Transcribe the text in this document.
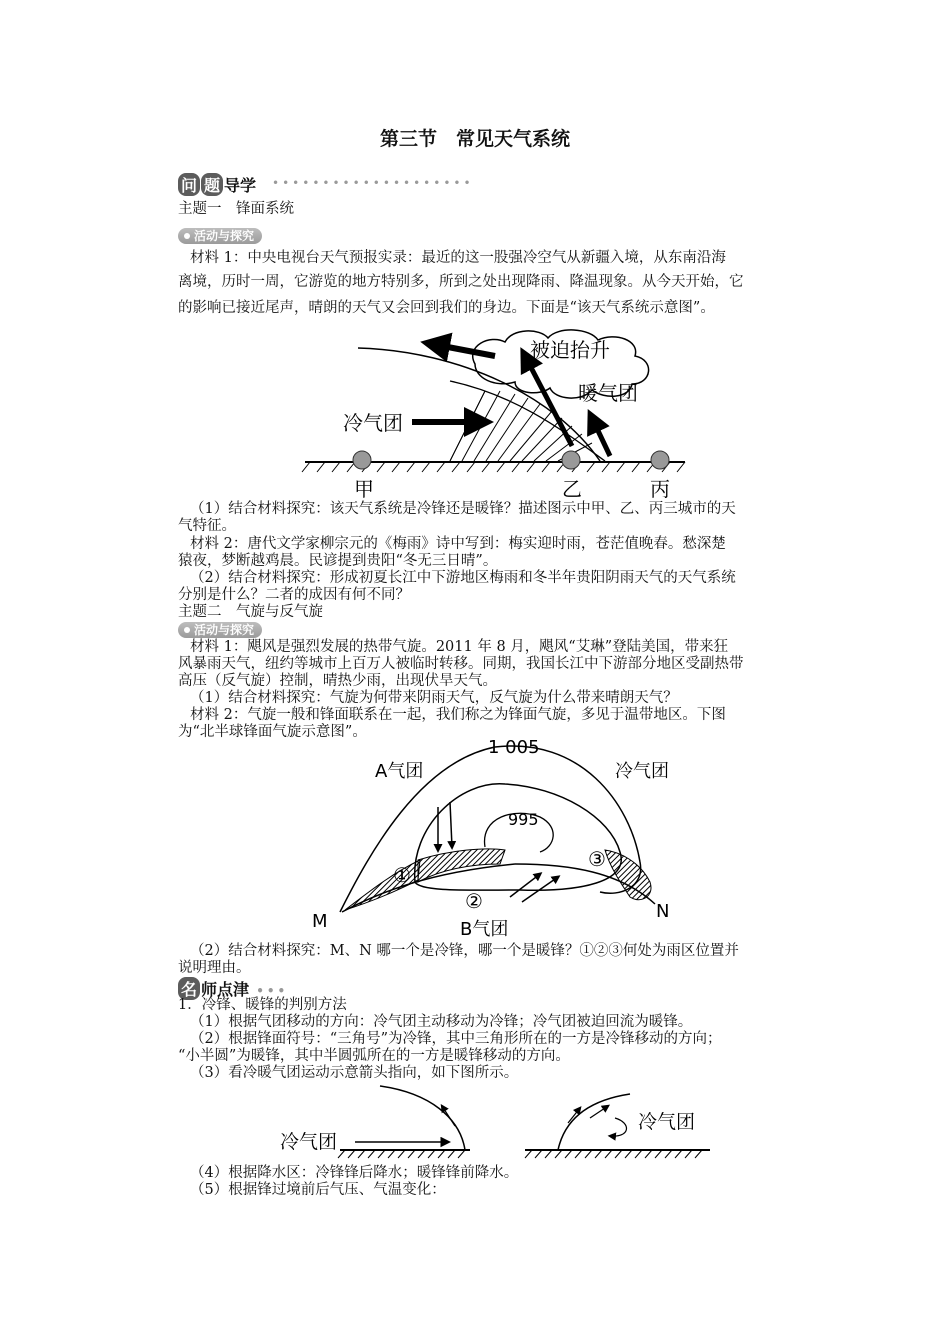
第三节　常见天气系统
问 题 导学 ••••••••••••••••••••
主题一　锋面系统
活动与探究
材料 1：中央电视台天气预报实录：最近的这一股强冷空气从新疆入境，从东南沿海
离境，历时一周，它游览的地方特别多，所到之处出现降雨、降温现象。从今天开始，它
的影响已接近尾声，晴朗的天气又会回到我们的身边。下面是“该天气系统示意图”。
被迫抬升
暖气团
冷气团
甲	乙	丙
（1）结合材料探究：该天气系统是冷锋还是暖锋？描述图示中甲、乙、丙三城市的天
气特征。
材料 2：唐代文学家柳宗元的《梅雨》诗中写到：梅实迎时雨，苍茫值晚春。愁深楚
猿夜，梦断越鸡晨。民谚提到贵阳“冬无三日晴”。
（2）结合材料探究：形成初夏长江中下游地区梅雨和冬半年贵阳阴雨天气的天气系统
分别是什么？二者的成因有何不同？
主题二　气旋与反气旋
活动与探究
材料 1：飓风是强烈发展的热带气旋。2011 年 8 月，飓风“艾琳”登陆美国，带来狂
风暴雨天气，纽约等城市上百万人被临时转移。同期，我国长江中下游部分地区受副热带
高压（反气旋）控制，晴热少雨，出现伏旱天气。
（1）结合材料探究：气旋为何带来阴雨天气，反气旋为什么带来晴朗天气？
材料 2：气旋一般和锋面联系在一起，我们称之为锋面气旋，多见于温带地区。下图
为“北半球锋面气旋示意图”。
①
②
③
1 005
995
A气团	冷气团
B气团
M	N
（2）结合材料探究：M、N 哪一个是冷锋，哪一个是暖锋？①②③何处为雨区位置并
说明理由。
名 师点津 •••
1．冷锋、暖锋的判别方法
（1）根据气团移动的方向：冷气团主动移动为冷锋；冷气团被迫回流为暖锋。
（2）根据锋面符号：“三角号”为冷锋，其中三角形所在的一方是冷锋移动的方向；
“小半圆”为暖锋，其中半圆弧所在的一方是暖锋移动的方向。
（3）看冷暖气团运动示意箭头指向，如下图所示。
冷气团
冷气团
（4）根据降水区：冷锋锋后降水；暖锋锋前降水。
（5）根据锋过境前后气压、气温变化：
